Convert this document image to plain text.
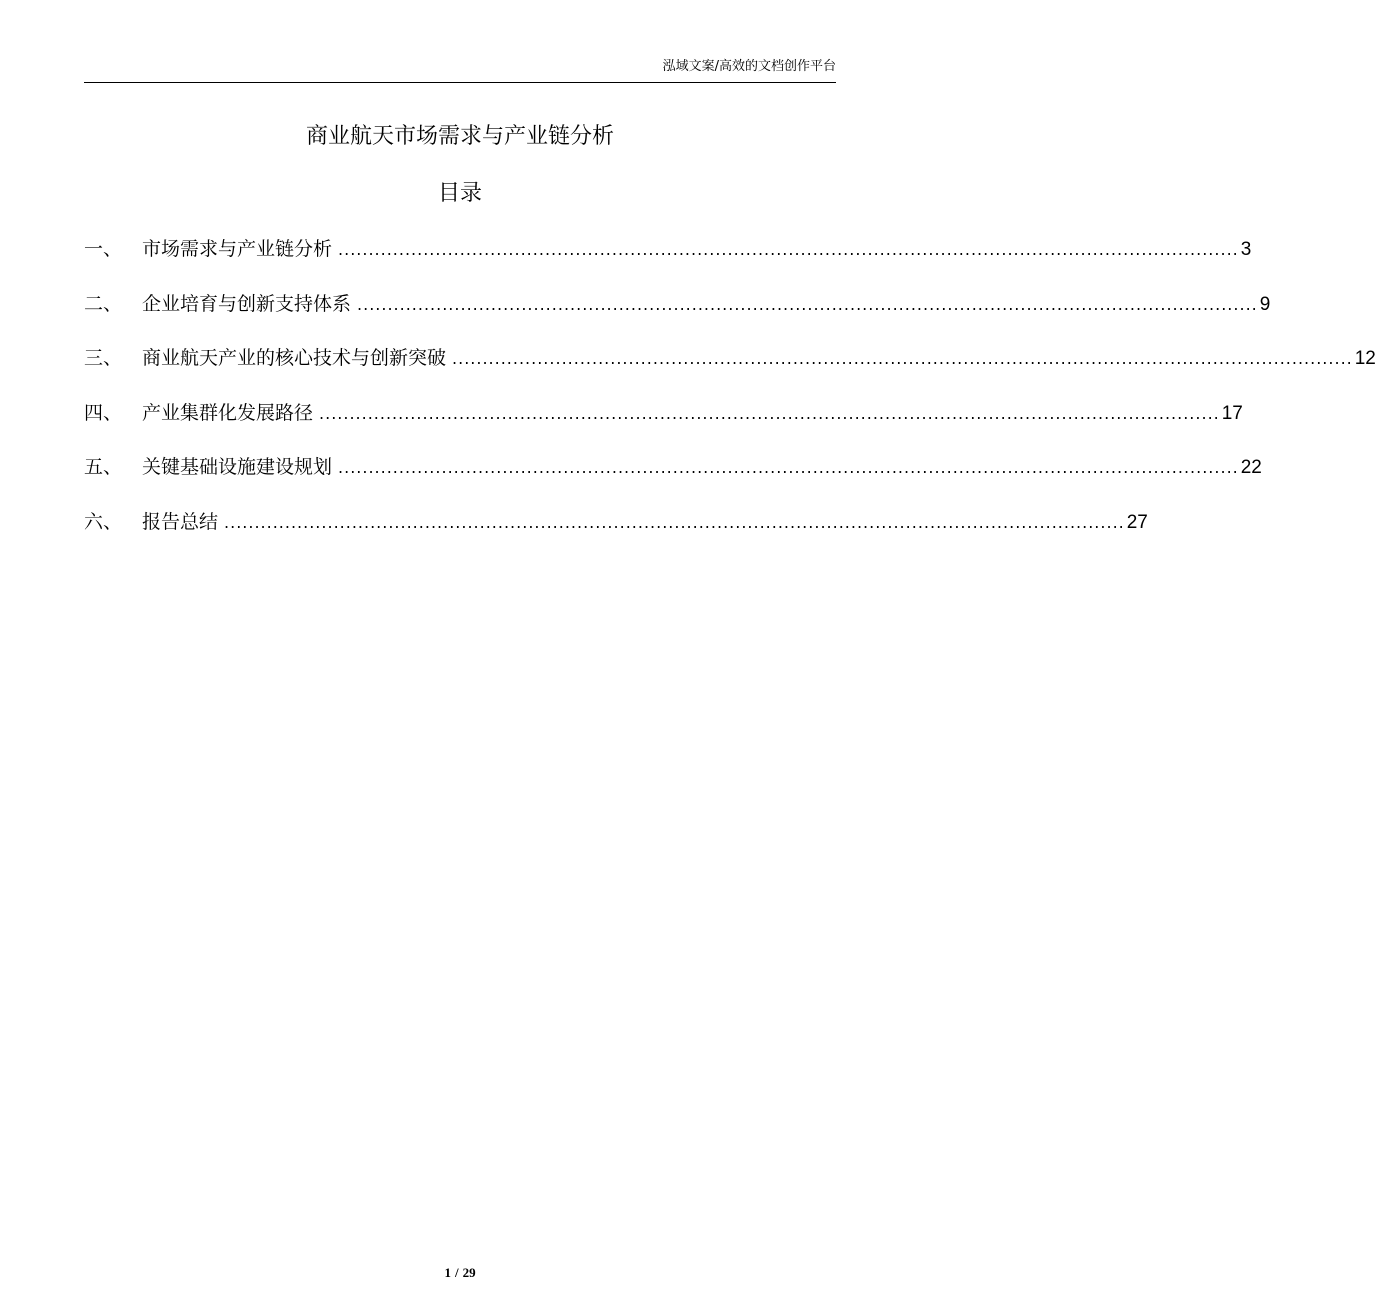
泓域文案/高效的文档创作平台
商业航天市场需求与产业链分析
目录
一、	市场需求与产业链分析 .................................................................................................................................................... 3
二、	企业培育与创新支持体系 .................................................................................................................................................... 9
三、	商业航天产业的核心技术与创新突破 .................................................................................................................................................... 12
四、	产业集群化发展路径 .................................................................................................................................................... 17
五、	关键基础设施建设规划 .................................................................................................................................................... 22
六、	报告总结 .................................................................................................................................................... 27
1 / 29
